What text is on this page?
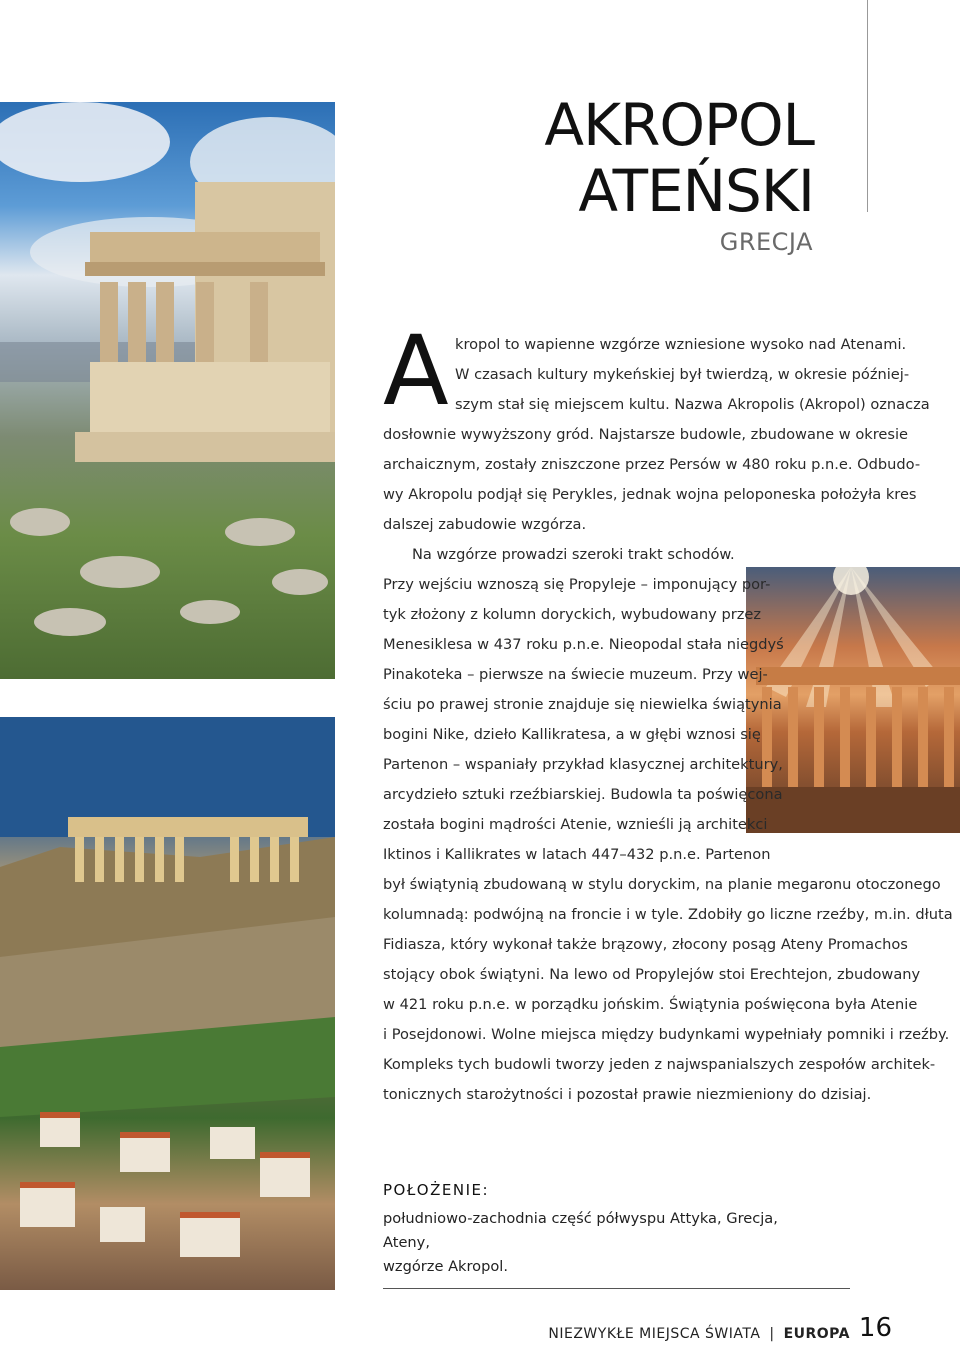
AKROPOL
ATEŃSKI
GRECJA
A kropol to wapienne wzgórze wzniesione wysoko nad Atenami.
W czasach kultury mykeńskiej był twierdzą, w okresie później-
szym stał się miejscem kultu. Nazwa Akropolis (Akropol) oznacza
dosłownie wywyższony gród. Najstarsze budowle, zbudowane w okresie
archaicznym, zostały zniszczone przez Persów w 480 roku p.n.e. Odbudo-
wy Akropolu podjął się Perykles, jednak wojna peloponeska położyła kres
dalszej zabudowie wzgórza.
Na wzgórze prowadzi szeroki trakt schodów.
Przy wejściu wznoszą się Propyleje – imponujący por-
tyk złożony z kolumn doryckich, wybudowany przez
Menesiklesa w 437 roku p.n.e. Nieopodal stała niegdyś
Pinakoteka – pierwsze na świecie muzeum. Przy wej-
ściu po prawej stronie znajduje się niewielka świątynia
bogini Nike, dzieło Kallikratesa, a w głębi wznosi się
Partenon – wspaniały przykład klasycznej architektury,
arcydzieło sztuki rzeźbiarskiej. Budowla ta poświęcona
została bogini mądrości Atenie, wznieśli ją architekci
Iktinos i Kallikrates w latach 447–432 p.n.e. Partenon
był świątynią zbudowaną w stylu doryckim, na planie megaronu otoczonego
kolumnadą: podwójną na froncie i w tyle. Zdobiły go liczne rzeźby, m.in. dłuta
Fidiasza, który wykonał także brązowy, złocony posąg Ateny Promachos
stojący obok świątyni. Na lewo od Propylejów stoi Erechtejon, zbudowany
w 421 roku p.n.e. w porządku jońskim. Świątynia poświęcona była Atenie
i Posejdonowi. Wolne miejsca między budynkami wypełniały pomniki i rzeźby.
Kompleks tych budowli tworzy jeden z najwspanialszych zespołów architek-
tonicznych starożytności i pozostał prawie niezmieniony do dzisiaj.
POŁOŻENIE:
południowo-zachodnia część półwyspu Attyka, Grecja, Ateny,
wzgórze Akropol.
NIEZWYKŁE MIEJSCA ŚWIATA | EUROPA 16
